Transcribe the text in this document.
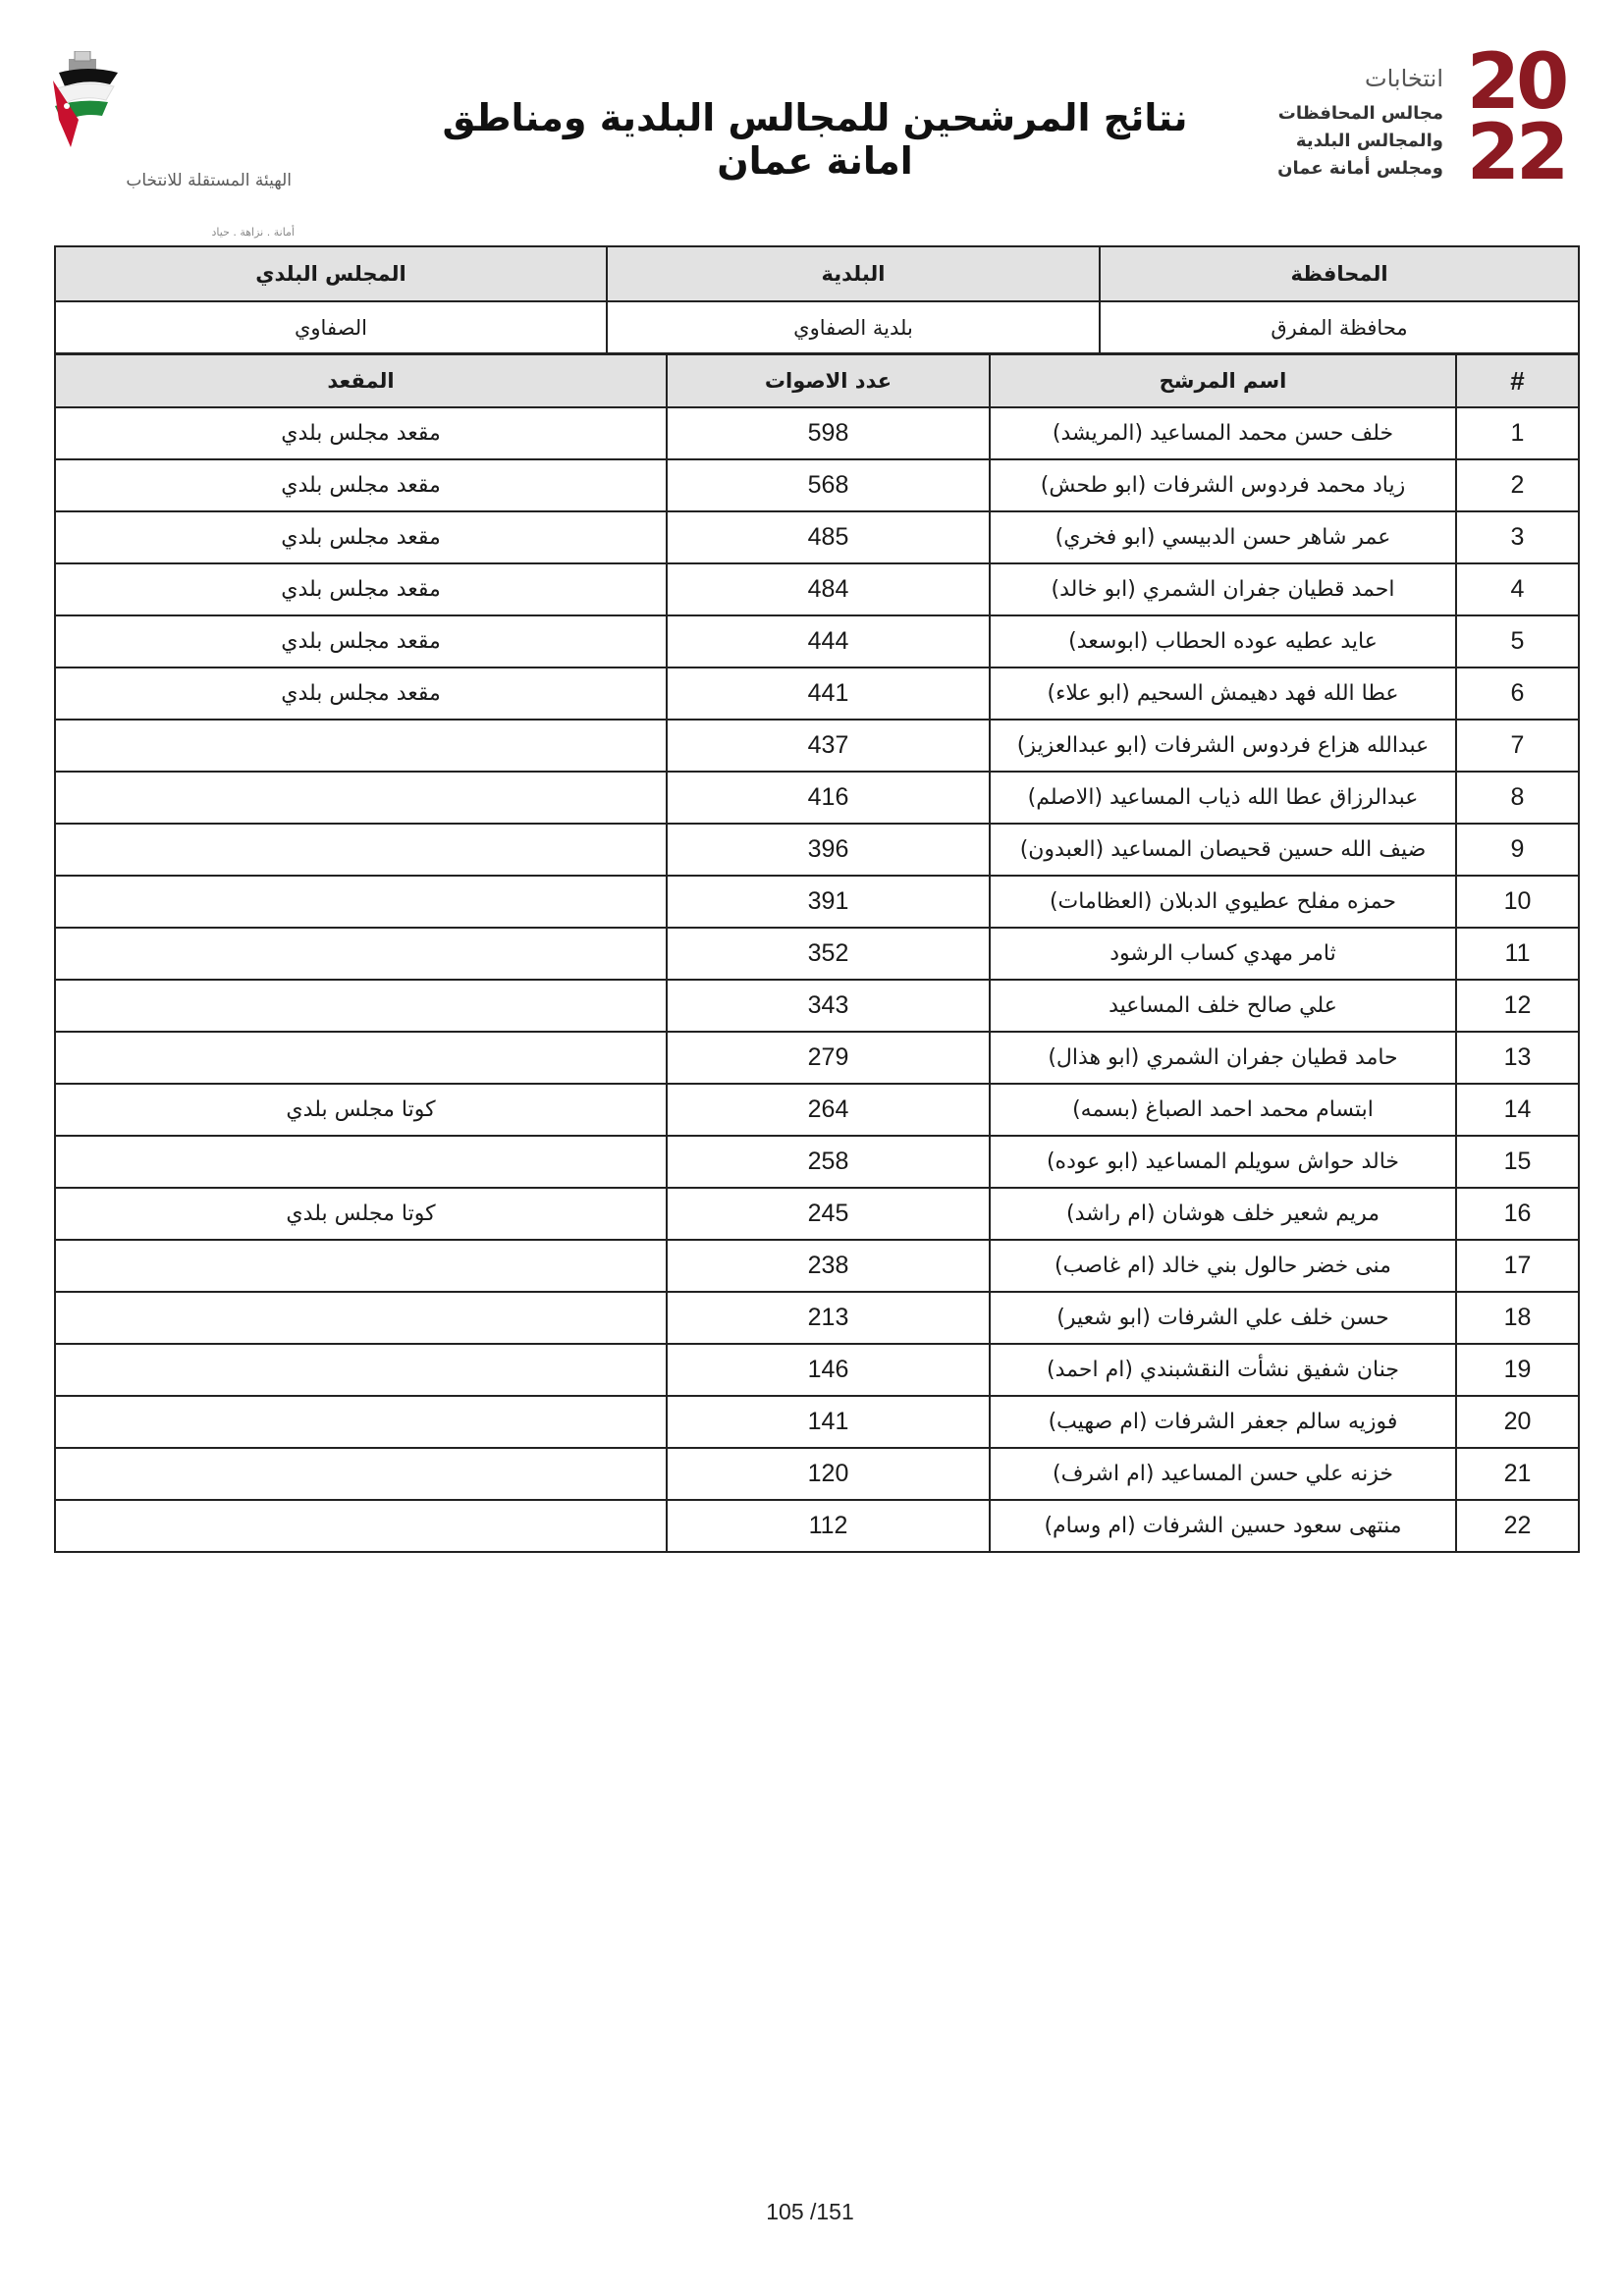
الهيئة المستقلة للانتخاب
أمانة . نزاهة . حياد
نتائج المرشحين للمجالس البلدية ومناطق امانة عمان
انتخابات
مجالس المحافظات
والمجالس البلدية
ومجلس أمانة عمان
20
22
المحافظة	البلدية	المجلس البلدي
محافظة المفرق	بلدية الصفاوي	الصفاوي
#	اسم المرشح	عدد الاصوات	المقعد
1	خلف حسن محمد المساعيد (المريشد)	598	مقعد مجلس بلدي
2	زياد محمد فردوس الشرفات (ابو طحش)	568	مقعد مجلس بلدي
3	عمر شاهر حسن الدبيسي (ابو فخري)	485	مقعد مجلس بلدي
4	احمد قطيان جفران الشمري (ابو خالد)	484	مقعد مجلس بلدي
5	عايد عطيه عوده الحطاب (ابوسعد)	444	مقعد مجلس بلدي
6	عطا الله فهد دهيمش السحيم (ابو علاء)	441	مقعد مجلس بلدي
7	عبدالله هزاع فردوس الشرفات (ابو عبدالعزيز)	437	
8	عبدالرزاق عطا الله ذياب المساعيد (الاصلم)	416	
9	ضيف الله حسين قحيصان المساعيد (العبدون)	396	
10	حمزه مفلح عطيوي الدبلان (العظامات)	391	
11	ثامر مهدي كساب الرشود	352	
12	علي صالح خلف المساعيد	343	
13	حامد قطيان جفران الشمري (ابو هذال)	279	
14	ابتسام محمد احمد الصباغ (بسمه)	264	كوتا مجلس بلدي
15	خالد حواش سويلم المساعيد (ابو عوده)	258	
16	مريم شعير خلف هوشان (ام راشد)	245	كوتا مجلس بلدي
17	منى خضر حالول بني خالد (ام غاصب)	238	
18	حسن خلف علي الشرفات (ابو شعير)	213	
19	جنان شفيق نشأت النقشبندي (ام احمد)	146	
20	فوزيه سالم جعفر الشرفات (ام صهيب)	141	
21	خزنه علي حسن المساعيد (ام اشرف)	120	
22	منتهى سعود حسين الشرفات (ام وسام)	112	
105 /151
